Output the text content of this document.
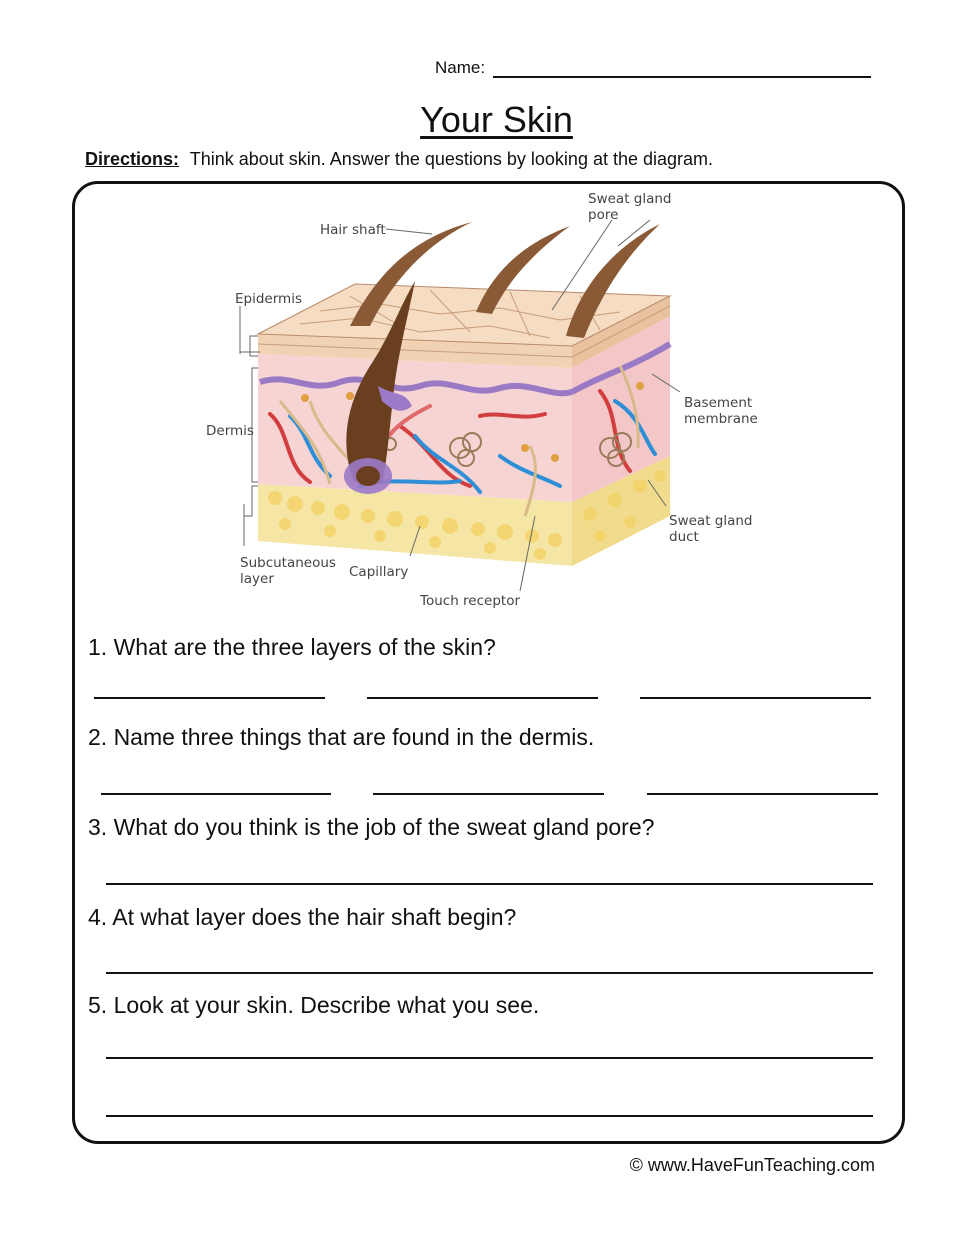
Name:
Your Skin
Directions: Think about skin. Answer the questions by looking at the diagram.
Hair shaft
Sweat gland
pore
Epidermis
Dermis
Basement
membrane
Sweat gland
duct
Subcutaneous
layer	Capillary
Touch receptor
1. What are the three layers of the skin?
2. Name three things that are found in the dermis.
3. What do you think is the job of the sweat gland pore?
4. At what layer does the hair shaft begin?
5. Look at your skin. Describe what you see.
© www.HaveFunTeaching.com
